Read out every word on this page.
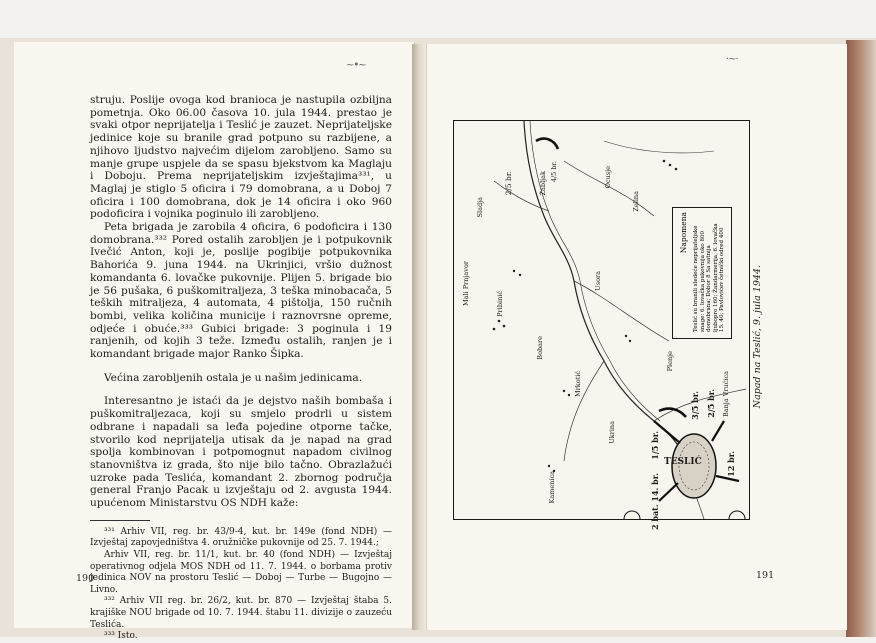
~•~

struju. Poslije ovoga kod branioca je nastupila ozbiljna pometnja. Oko 06.00 časova 10. jula 1944. prestao je svaki otpor neprijatelja i Teslić je zauzet. Neprijateljske jedinice koje su branile grad potpuno su razbijene, a njihovo ljudstvo najvećim dijelom zarobljeno. Samo su manje grupe uspjele da se spasu bjekstvom ka Maglaju i Doboju. Prema neprijateljskim izvještajima³³¹, u Maglaj je stiglo 5 oficira i 79 domobrana, a u Doboj 7 oficira i 100 domobrana, dok je 14 oficira i oko 960 podoficira i vojnika poginulo ili zarobljeno.

Peta brigada je zarobila 4 oficira, 6 podoficira i 130 domobrana.³³² Pored ostalih zarobljen je i potpukovnik Ivečić Anton, koji je, poslije pogibije potpukovnika Bahorića 9. juna 1944. na Ukrinjici, vršio dužnost komandanta 6. lovačke pukovnije. Plijen 5. brigade bio je 56 pušaka, 6 puškomitraljeza, 3 teška minobacača, 5 teških mitraljeza, 4 automata, 4 pištolja, 150 ručnih bombi, velika količina municije i raznovrsne opreme, odjeće i obuće.³³³ Gubici brigade: 3 poginula i 19 ranjenih, od kojih 3 teže. Između ostalih, ranjen je i komandant brigade major Ranko Šipka.

Većina zarobljenih ostala je u našim jedinicama.

Interesantno je istaći da je dejstvo naših bombaša i puškomitraljezaca, koji su smjelo prodrli u sistem odbrane i napadali sa leđa pojedine otporne tačke, stvorilo kod neprijatelja utisak da je napad na grad spolja kombinovan i potpomognut napadom civilnog stanovništva iz grada, što nije bilo tačno. Obrazlažući uzroke pada Teslića, komandant 2. zbornog područja general Franjo Pacak u izvještaju od 2. avgusta 1944. upućenom Ministarstvu OS NDH kaže:

³³¹ Arhiv VII, reg. br. 43/9-4, kut. br. 149e (fond NDH) — Izvještaj zapovjedništva 4. oružničke pukovnije od 25. 7. 1944.;

Arhiv VII, reg. br. 11/1, kut. br. 40 (fond NDH) — Izvještaj operativnog odjela MOS NDH od 11. 7. 1944. o borbama protiv jedinica NOV na prostoru Teslić — Doboj — Turbe — Bugojno — Livno.

³³² Arhiv VII reg. br. 26/2, kut. br. 870 — Izvještaj štaba 5. krajiške NOU brigade od 10. 7. 1944. štabu 11. divizije o zauzeću Teslića.

³³³ Isto.

190
·~·
2/5 br.	4/5 br.
Sladja
Mali Prnjavor	Pribinić
Žabljak	Ocusje
Zelina
Plenje
Bobare
Kamenica
Usora
Mrkotić
Ukrina
Banja Vrućica
1/5 br.
3/5 br. 2/5 br.
12 br.
2 bat. 14. br.
TESLIĆ
Napomena Teslić su branili sledeće neprijateljske snage: 6. lovačka pukovnija oko 800 domobrana; Dobor 8 Sa satnija ljubopro 160; Žandarmerija, 6. lovačka 15. 40; Pavlovićev četnički odred 400	Napad na Teslić, 9. jula 1944.
191
